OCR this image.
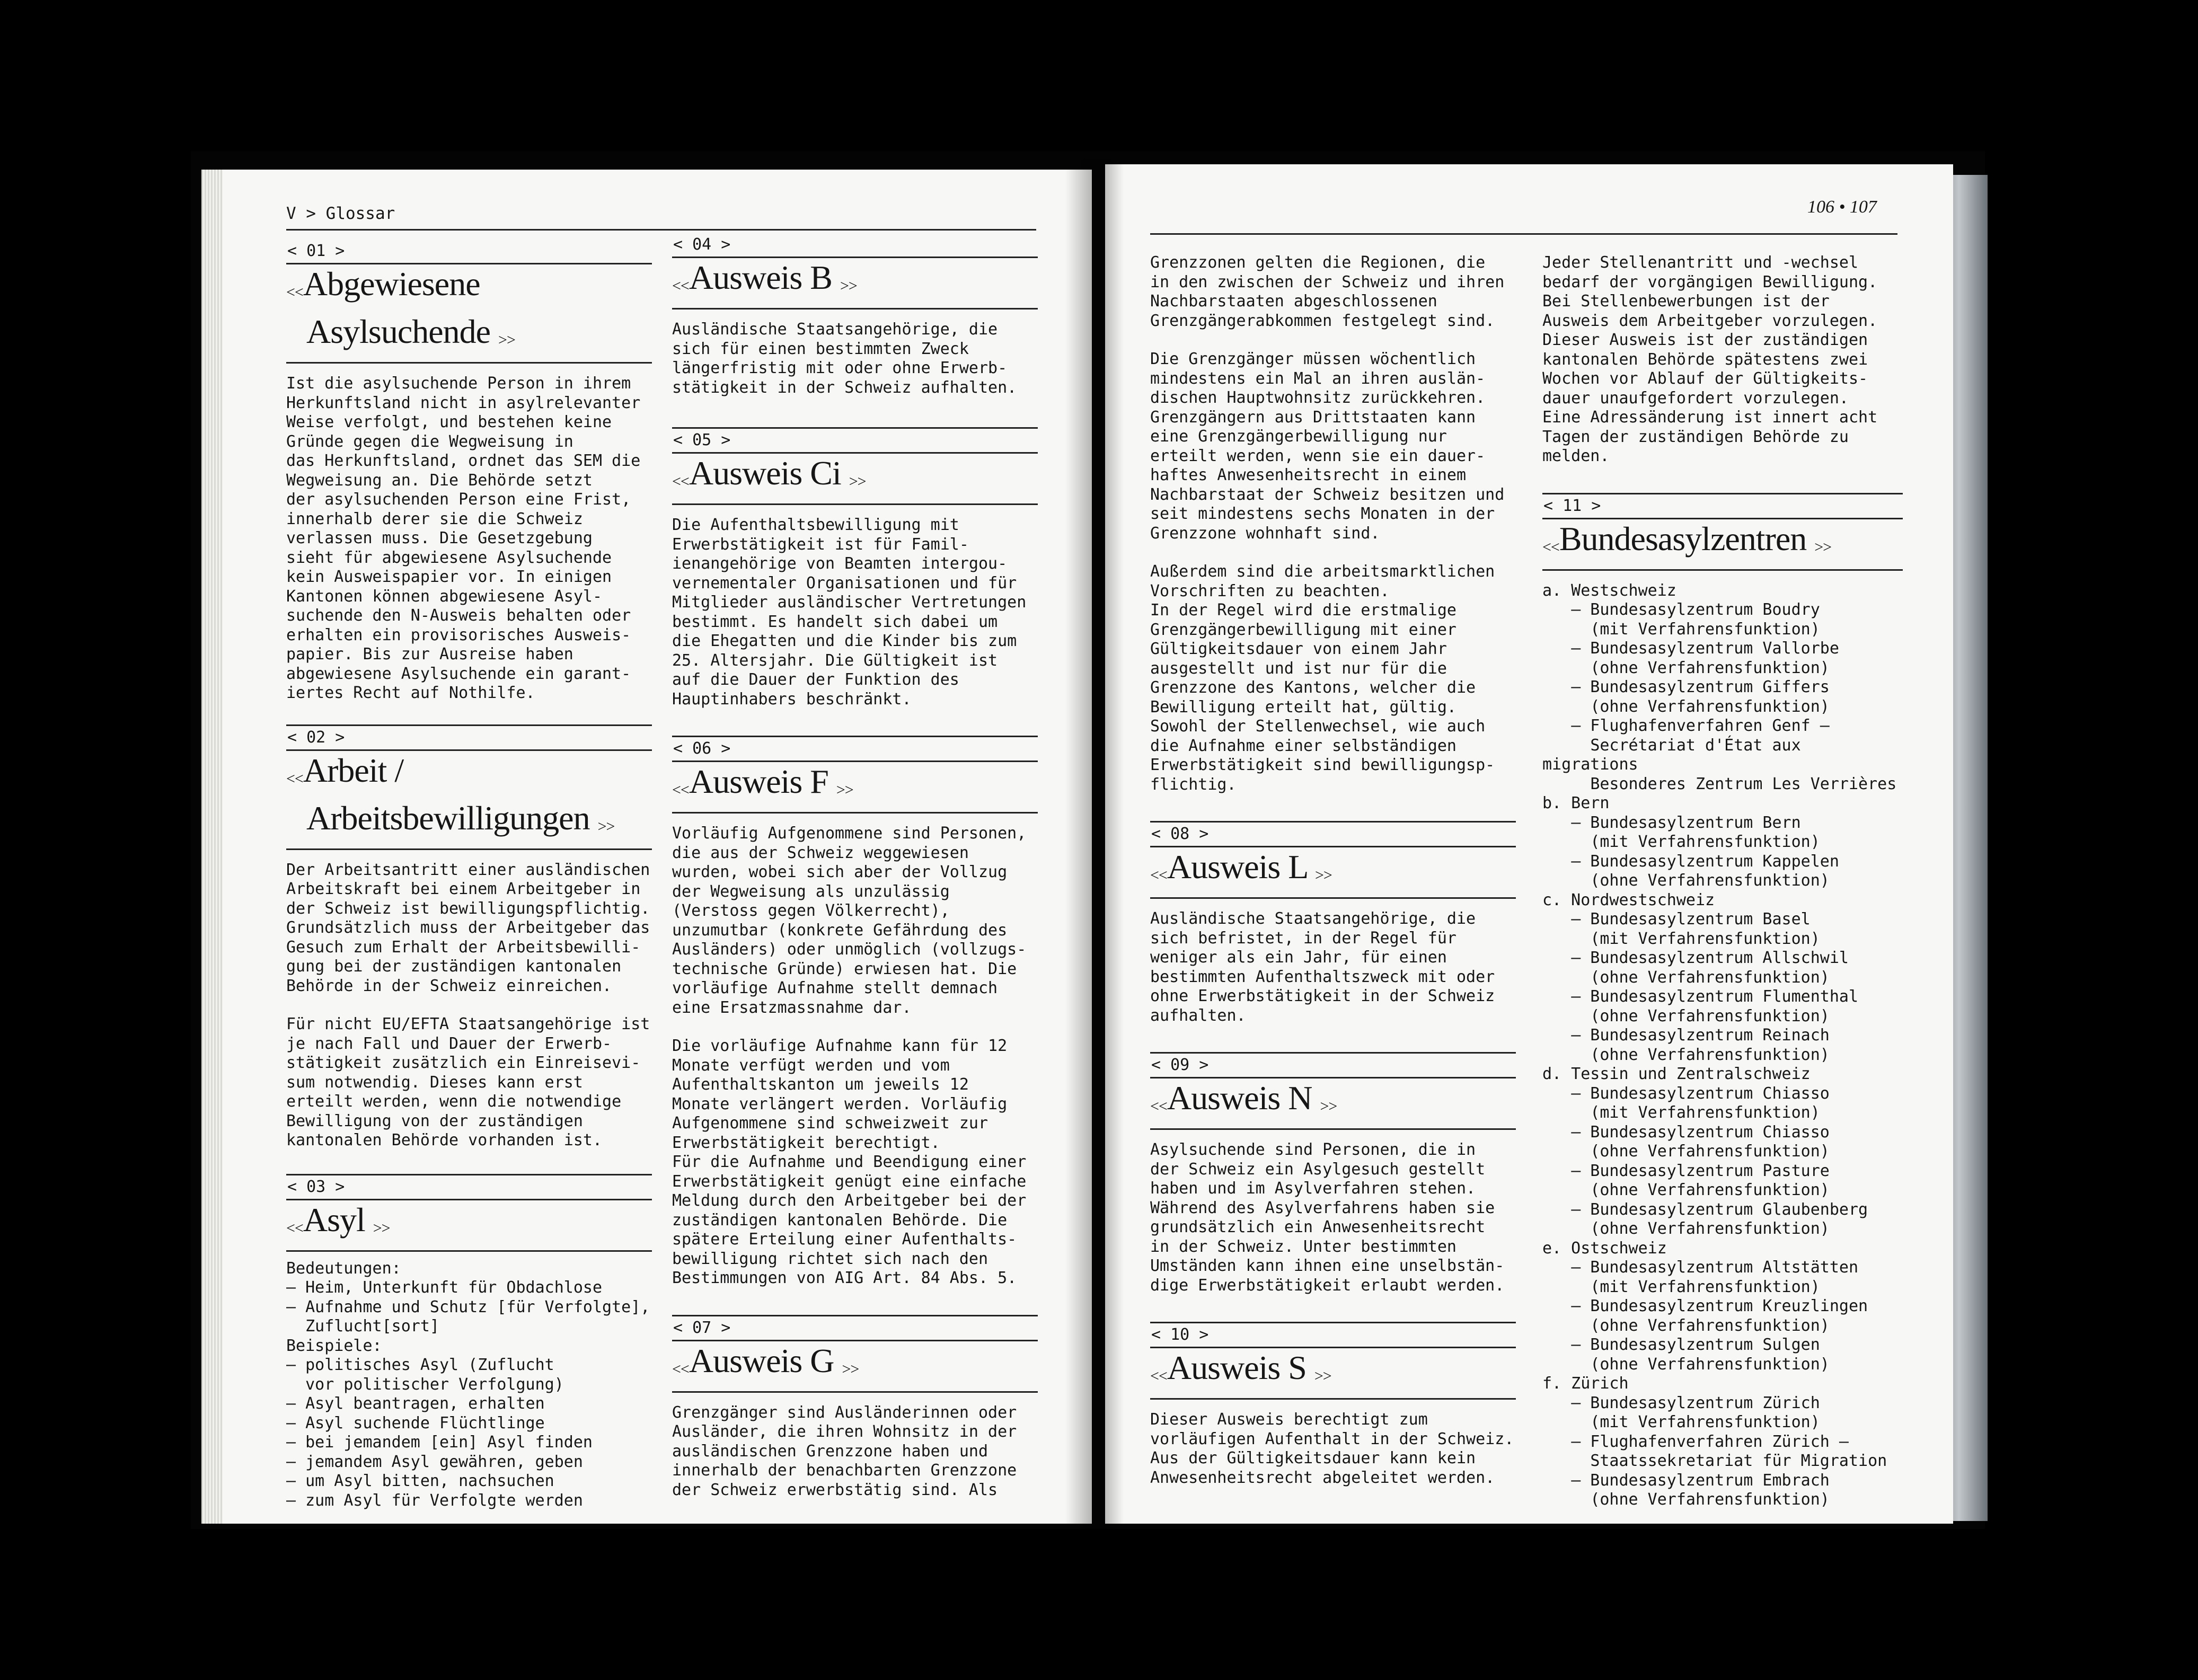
V > Glossar	106 • 107
< 01 >
<<Abgewiesene
Asylsuchende >>
Ist die asylsuchende Person in ihrem
Herkunftsland nicht in asylrelevanter
Weise verfolgt, und bestehen keine
Gründe gegen die Wegweisung in
das Herkunftsland, ordnet das SEM die
Wegweisung an. Die Behörde setzt
der asylsuchenden Person eine Frist,
innerhalb derer sie die Schweiz
verlassen muss. Die Gesetzgebung
sieht für abgewiesene Asylsuchende
kein Ausweispapier vor. In einigen
Kantonen können abgewiesene Asyl-
suchende den N-Ausweis behalten oder
erhalten ein provisorisches Ausweis-
papier. Bis zur Ausreise haben
abgewiesene Asylsuchende ein garant-
iertes Recht auf Nothilfe.
< 02 >
<<Arbeit /
Arbeitsbewilligungen >>
Der Arbeitsantritt einer ausländischen
Arbeitskraft bei einem Arbeitgeber in
der Schweiz ist bewilligungspflichtig.
Grundsätzlich muss der Arbeitgeber das
Gesuch zum Erhalt der Arbeitsbewilli-
gung bei der zuständigen kantonalen
Behörde in der Schweiz einreichen.
Für nicht EU/EFTA Staatsangehörige ist
je nach Fall und Dauer der Erwerb-
stätigkeit zusätzlich ein Einreisevi-
sum notwendig. Dieses kann erst
erteilt werden, wenn die notwendige
Bewilligung von der zuständigen
kantonalen Behörde vorhanden ist.
< 03 >
<<Asyl >>
Bedeutungen:
– Heim, Unterkunft für Obdachlose
– Aufnahme und Schutz [für Verfolgte],
Zuflucht[sort]
Beispiele:
– politisches Asyl (Zuflucht
vor politischer Verfolgung)
– Asyl beantragen, erhalten
– Asyl suchende Flüchtlinge
– bei jemandem [ein] Asyl finden
– jemandem Asyl gewähren, geben
– um Asyl bitten, nachsuchen
– zum Asyl für Verfolgte werden
< 04 >
<<Ausweis B >>
Ausländische Staatsangehörige, die
sich für einen bestimmten Zweck
längerfristig mit oder ohne Erwerb-
stätigkeit in der Schweiz aufhalten.
< 05 >
<<Ausweis Ci >>
Die Aufenthaltsbewilligung mit
Erwerbstätigkeit ist für Famil-
ienangehörige von Beamten intergou-
vernementaler Organisationen und für
Mitglieder ausländischer Vertretungen
bestimmt. Es handelt sich dabei um
die Ehegatten und die Kinder bis zum
25. Altersjahr. Die Gültigkeit ist
auf die Dauer der Funktion des
Hauptinhabers beschränkt.
< 06 >
<<Ausweis F >>
Vorläufig Aufgenommene sind Personen,
die aus der Schweiz weggewiesen
wurden, wobei sich aber der Vollzug
der Wegweisung als unzulässig
(Verstoss gegen Völkerrecht),
unzumutbar (konkrete Gefährdung des
Ausländers) oder unmöglich (vollzugs-
technische Gründe) erwiesen hat. Die
vorläufige Aufnahme stellt demnach
eine Ersatzmassnahme dar.
Die vorläufige Aufnahme kann für 12
Monate verfügt werden und vom
Aufenthaltskanton um jeweils 12
Monate verlängert werden. Vorläufig
Aufgenommene sind schweizweit zur
Erwerbstätigkeit berechtigt.
Für die Aufnahme und Beendigung einer
Erwerbstätigkeit genügt eine einfache
Meldung durch den Arbeitgeber bei der
zuständigen kantonalen Behörde. Die
spätere Erteilung einer Aufenthalts-
bewilligung richtet sich nach den
Bestimmungen von AIG Art. 84 Abs. 5.
< 07 >
<<Ausweis G >>
Grenzgänger sind Ausländerinnen oder
Ausländer, die ihren Wohnsitz in der
ausländischen Grenzzone haben und
innerhalb der benachbarten Grenzzone
der Schweiz erwerbstätig sind. Als
Grenzzonen gelten die Regionen, die
in den zwischen der Schweiz und ihren
Nachbarstaaten abgeschlossenen
Grenzgängerabkommen festgelegt sind.
Die Grenzgänger müssen wöchentlich
mindestens ein Mal an ihren auslän-
dischen Hauptwohnsitz zurückkehren.
Grenzgängern aus Drittstaaten kann
eine Grenzgängerbewilligung nur
erteilt werden, wenn sie ein dauer-
haftes Anwesenheitsrecht in einem
Nachbarstaat der Schweiz besitzen und
seit mindestens sechs Monaten in der
Grenzzone wohnhaft sind.
Außerdem sind die arbeitsmarktlichen
Vorschriften zu beachten.
In der Regel wird die erstmalige
Grenzgängerbewilligung mit einer
Gültigkeitsdauer von einem Jahr
ausgestellt und ist nur für die
Grenzzone des Kantons, welcher die
Bewilligung erteilt hat, gültig.
Sowohl der Stellenwechsel, wie auch
die Aufnahme einer selbständigen
Erwerbstätigkeit sind bewilligungsp-
flichtig.
< 08 >
<<Ausweis L >>
Ausländische Staatsangehörige, die
sich befristet, in der Regel für
weniger als ein Jahr, für einen
bestimmten Aufenthaltszweck mit oder
ohne Erwerbstätigkeit in der Schweiz
aufhalten.
< 09 >
<<Ausweis N >>
Asylsuchende sind Personen, die in
der Schweiz ein Asylgesuch gestellt
haben und im Asylverfahren stehen.
Während des Asylverfahrens haben sie
grundsätzlich ein Anwesenheitsrecht
in der Schweiz. Unter bestimmten
Umständen kann ihnen eine unselbstän-
dige Erwerbstätigkeit erlaubt werden.
< 10 >
<<Ausweis S >>
Dieser Ausweis berechtigt zum
vorläufigen Aufenthalt in der Schweiz.
Aus der Gültigkeitsdauer kann kein
Anwesenheitsrecht abgeleitet werden.
Jeder Stellenantritt und -wechsel
bedarf der vorgängigen Bewilligung.
Bei Stellenbewerbungen ist der
Ausweis dem Arbeitgeber vorzulegen.
Dieser Ausweis ist der zuständigen
kantonalen Behörde spätestens zwei
Wochen vor Ablauf der Gültigkeits-
dauer unaufgefordert vorzulegen.
Eine Adressänderung ist innert acht
Tagen der zuständigen Behörde zu
melden.
< 11 >
<<Bundesasylzentren >>
a. Westschweiz
– Bundesasylzentrum Boudry
(mit Verfahrensfunktion)
– Bundesasylzentrum Vallorbe
(ohne Verfahrensfunktion)
– Bundesasylzentrum Giffers
(ohne Verfahrensfunktion)
– Flughafenverfahren Genf –
Secrétariat d'État aux migrations
Besonderes Zentrum Les Verrières
b. Bern
– Bundesasylzentrum Bern
(mit Verfahrensfunktion)
– Bundesasylzentrum Kappelen
(ohne Verfahrensfunktion)
c. Nordwestschweiz
– Bundesasylzentrum Basel
(mit Verfahrensfunktion)
– Bundesasylzentrum Allschwil
(ohne Verfahrensfunktion)
– Bundesasylzentrum Flumenthal
(ohne Verfahrensfunktion)
– Bundesasylzentrum Reinach
(ohne Verfahrensfunktion)
d. Tessin und Zentralschweiz
– Bundesasylzentrum Chiasso
(mit Verfahrensfunktion)
– Bundesasylzentrum Chiasso
(ohne Verfahrensfunktion)
– Bundesasylzentrum Pasture
(ohne Verfahrensfunktion)
– Bundesasylzentrum Glaubenberg
(ohne Verfahrensfunktion)
e. Ostschweiz
– Bundesasylzentrum Altstätten
(mit Verfahrensfunktion)
– Bundesasylzentrum Kreuzlingen
(ohne Verfahrensfunktion)
– Bundesasylzentrum Sulgen
(ohne Verfahrensfunktion)
f. Zürich
– Bundesasylzentrum Zürich
(mit Verfahrensfunktion)
– Flughafenverfahren Zürich –
Staatssekretariat für Migration
– Bundesasylzentrum Embrach
(ohne Verfahrensfunktion)
